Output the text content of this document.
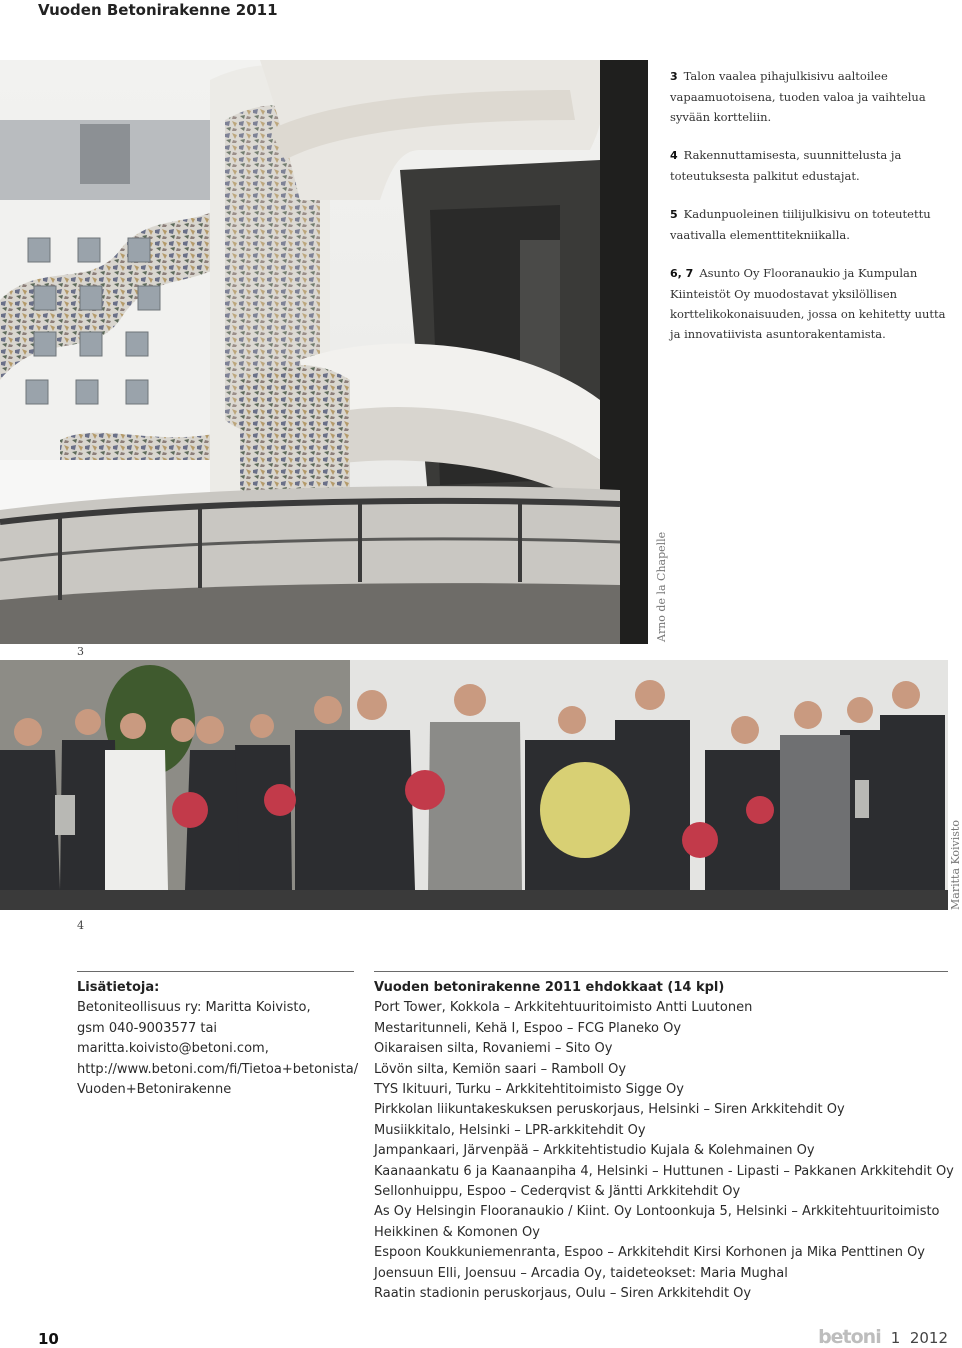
Vuoden Betonirakenne 2011
3
Arno de la Chapelle

3 Talon vaalea pihajulkisivu aaltoilee vapaamuotoisena, tuoden valoa ja vaihtelua syvään kortteliin.

4 Rakennuttamisesta, suunnittelusta ja toteutuksesta palkitut edustajat.

5 Kadunpuoleinen tiilijulkisivu on toteutettu vaativalla elementtitekniikalla.

6, 7 Asunto Oy Flooranaukio ja Kumpulan Kiinteistöt Oy muodostavat yksilöllisen korttelikokonaisuuden, jossa on kehitetty uutta ja innovatiivista asuntorakentamista.

4
Maritta Koivisto
Lisätietoja:
Betoniteollisuus ry: Maritta Koivisto,
gsm 040-9003577 tai
maritta.koivisto@betoni.com,
http://www.betoni.com/fi/Tietoa+betonista/
Vuoden+Betonirakenne
Vuoden betonirakenne 2011 ehdokkaat (14 kpl)
Port Tower, Kokkola – Arkkitehtuuritoimisto Antti Luutonen
Mestaritunneli, Kehä I, Espoo – FCG Planeko Oy
Oikaraisen silta, Rovaniemi – Sito Oy
Lövön silta, Kemiön saari – Ramboll Oy
TYS Ikituuri, Turku – Arkkitehtitoimisto Sigge Oy
Pirkkolan liikuntakeskuksen peruskorjaus, Helsinki – Siren Arkkitehdit Oy
Musiikkitalo, Helsinki – LPR-arkkitehdit Oy
Jampankaari, Järvenpää – Arkkitehtistudio Kujala & Kolehmainen Oy
Kaanaankatu 6 ja Kaanaanpiha 4, Helsinki – Huttunen - Lipasti – Pakkanen Arkkitehdit Oy
Sellonhuippu, Espoo – Cederqvist & Jäntti Arkkitehdit Oy
As Oy Helsingin Flooranaukio / Kiint. Oy Lontoonkuja 5, Helsinki – Arkkitehtuuritoimisto Heikkinen & Komonen Oy
Espoon Koukkuniemenranta, Espoo – Arkkitehdit Kirsi Korhonen ja Mika Penttinen Oy
Joensuun Elli, Joensuu – Arcadia Oy, taideteokset: Maria Mughal
Raatin stadionin peruskorjaus, Oulu – Siren Arkkitehdit Oy
10	betoni 1  2012
